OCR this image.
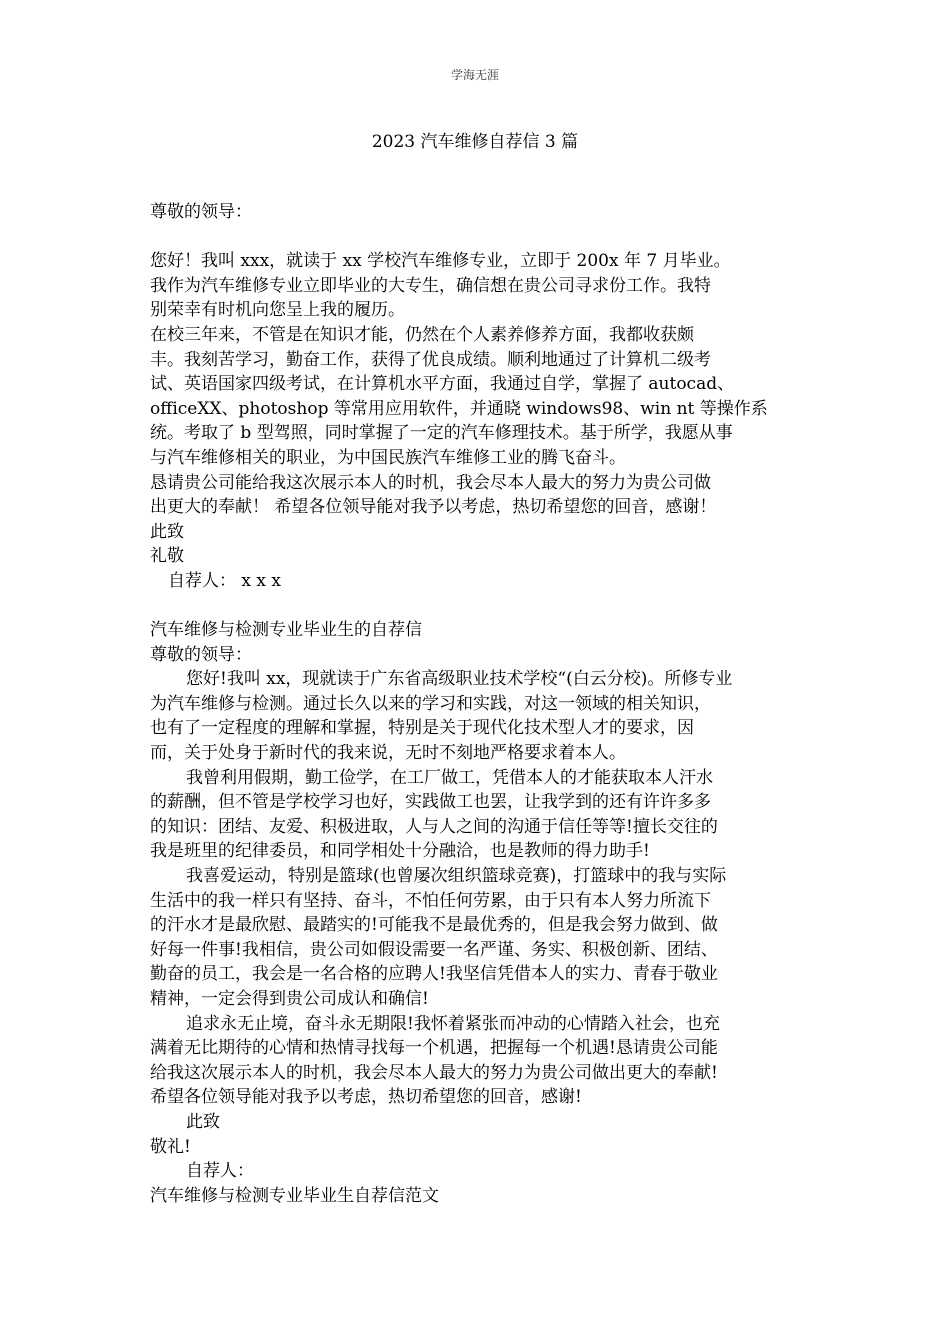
学海无涯
2023 汽车维修自荐信 3 篇
尊敬的领导：
您好！我叫 xxx，就读于 xx 学校汽车维修专业，立即于 200x 年 7 月毕业。
我作为汽车维修专业立即毕业的大专生，确信想在贵公司寻求份工作。我特
别荣幸有时机向您呈上我的履历。
在校三年来，不管是在知识才能，仍然在个人素养修养方面，我都收获颇
丰。我刻苦学习，勤奋工作，获得了优良成绩。顺利地通过了计算机二级考
试、英语国家四级考试，在计算机水平方面，我通过自学，掌握了 autocad、
officeXX、photoshop 等常用应用软件，并通晓 windows98、win nt 等操作系
统。考取了 b 型驾照，同时掌握了一定的汽车修理技术。基于所学，我愿从事
与汽车维修相关的职业，为中国民族汽车维修工业的腾飞奋斗。
恳请贵公司能给我这次展示本人的时机，我会尽本人最大的努力为贵公司做
出更大的奉献！ 希望各位领导能对我予以考虑，热切希望您的回音，感谢！
此致
礼敬
自荐人： x x x
汽车维修与检测专业毕业生的自荐信
尊敬的领导：
您好!我叫 xx，现就读于广东省高级职业技术学校“(白云分校)。所修专业
为汽车维修与检测。通过长久以来的学习和实践，对这一领域的相关知识，
也有了一定程度的理解和掌握，特别是关于现代化技术型人才的要求，因
而，关于处身于新时代的我来说，无时不刻地严格要求着本人。
我曾利用假期，勤工俭学，在工厂做工，凭借本人的才能获取本人汗水
的薪酬，但不管是学校学习也好，实践做工也罢，让我学到的还有许许多多
的知识：团结、友爱、积极进取，人与人之间的沟通于信任等等!擅长交往的
我是班里的纪律委员，和同学相处十分融洽，也是教师的得力助手!
我喜爱运动，特别是篮球(也曾屡次组织篮球竞赛)，打篮球中的我与实际
生活中的我一样只有坚持、奋斗，不怕任何劳累，由于只有本人努力所流下
的汗水才是最欣慰、最踏实的!可能我不是最优秀的，但是我会努力做到、做
好每一件事!我相信，贵公司如假设需要一名严谨、务实、积极创新、团结、
勤奋的员工，我会是一名合格的应聘人!我坚信凭借本人的实力、青春于敬业
精神，一定会得到贵公司成认和确信!
追求永无止境，奋斗永无期限!我怀着紧张而冲动的心情踏入社会，也充
满着无比期待的心情和热情寻找每一个机遇，把握每一个机遇!恳请贵公司能
给我这次展示本人的时机，我会尽本人最大的努力为贵公司做出更大的奉献!
希望各位领导能对我予以考虑，热切希望您的回音，感谢!
此致
敬礼!
自荐人：
汽车维修与检测专业毕业生自荐信范文
